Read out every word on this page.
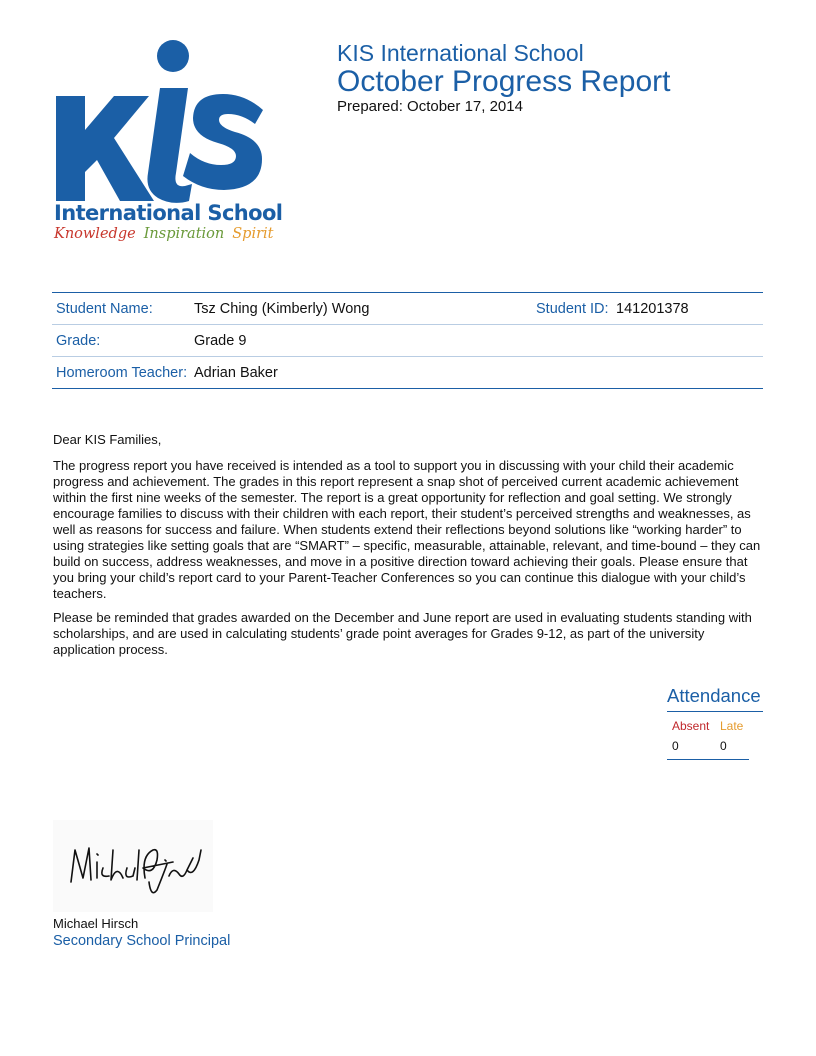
International School
Knowledge Inspiration Spirit
KIS International School
October Progress Report
Prepared: October 17, 2014
Student Name:	Tsz Ching (Kimberly) Wong	Student ID: 141201378
Grade:	Grade 9
Homeroom Teacher: Adrian Baker

Dear KIS Families,

The progress report you have received is intended as a tool to support you in discussing with your child their academic progress and achievement. The grades in this report represent a snap shot of perceived current academic achievement within the first nine weeks of the semester. The report is a great opportunity for reflection and goal setting. We strongly encourage families to discuss with their children with each report, their student’s perceived strengths and weaknesses, as well as reasons for success and failure. When students extend their reflections beyond solutions like “working harder” to using strategies like setting goals that are “SMART” – specific, measurable, attainable, relevant, and time-bound – they can build on success, address weaknesses, and move in a positive direction toward achieving their goals. Please ensure that you bring your child’s report card to your Parent-Teacher Conferences so you can continue this dialogue with your child’s teachers.

Please be reminded that grades awarded on the December and June report are used in evaluating students standing with scholarships, and are used in calculating students’ grade point averages for Grades 9-12, as part of the university application process.

Attendance
Absent Late
0	0
Michael Hirsch
Secondary School Principal
